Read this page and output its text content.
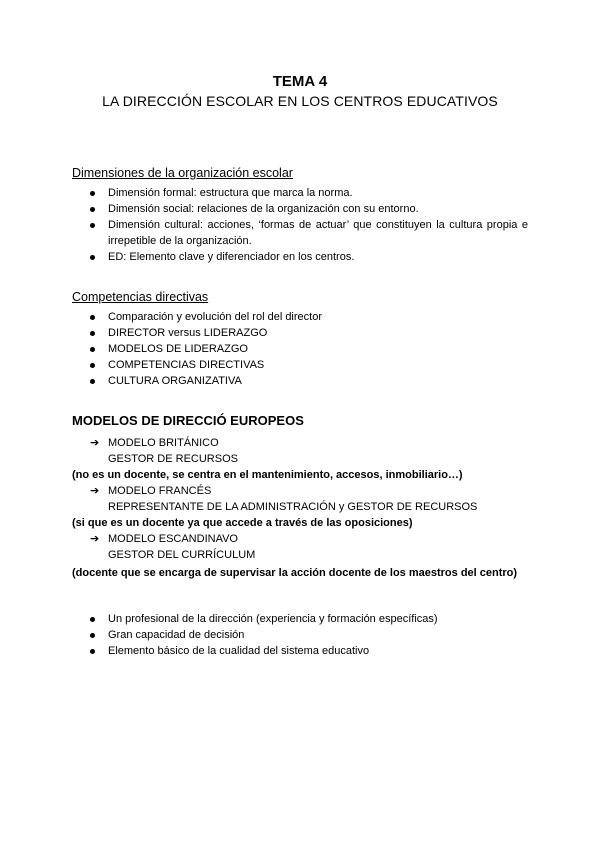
TEMA 4
LA DIRECCIÓN ESCOLAR EN LOS CENTROS EDUCATIVOS
Dimensiones de la organización escolar
Dimensión formal: estructura que marca la norma.
Dimensión social: relaciones de la organización con su entorno.
Dimensión cultural: acciones, ‘formas de actuar’ que constituyen la cultura propia e irrepetible de la organización.
ED: Elemento clave y diferenciador en los centros.
Competencias directivas
Comparación y evolución del rol del director
DIRECTOR versus LIDERAZGO
MODELOS DE LIDERAZGO
COMPETENCIAS DIRECTIVAS
CULTURA ORGANIZATIVA
MODELOS DE DIRECCIÓ EUROPEOS
➔ MODELO BRITÁNICO
GESTOR DE RECURSOS
(no es un docente, se centra en el mantenimiento, accesos, inmobiliario…)
➔ MODELO FRANCÉS
REPRESENTANTE DE LA ADMINISTRACIÓN y GESTOR DE RECURSOS
(si que es un docente ya que accede a través de las oposiciones)
➔ MODELO ESCANDINAVO
GESTOR DEL CURRÍCULUM
(docente que se encarga de supervisar la acción docente de los maestros del centro)
Un profesional de la dirección (experiencia y formación específicas)
Gran capacidad de decisión
Elemento básico de la cualidad del sistema educativo
